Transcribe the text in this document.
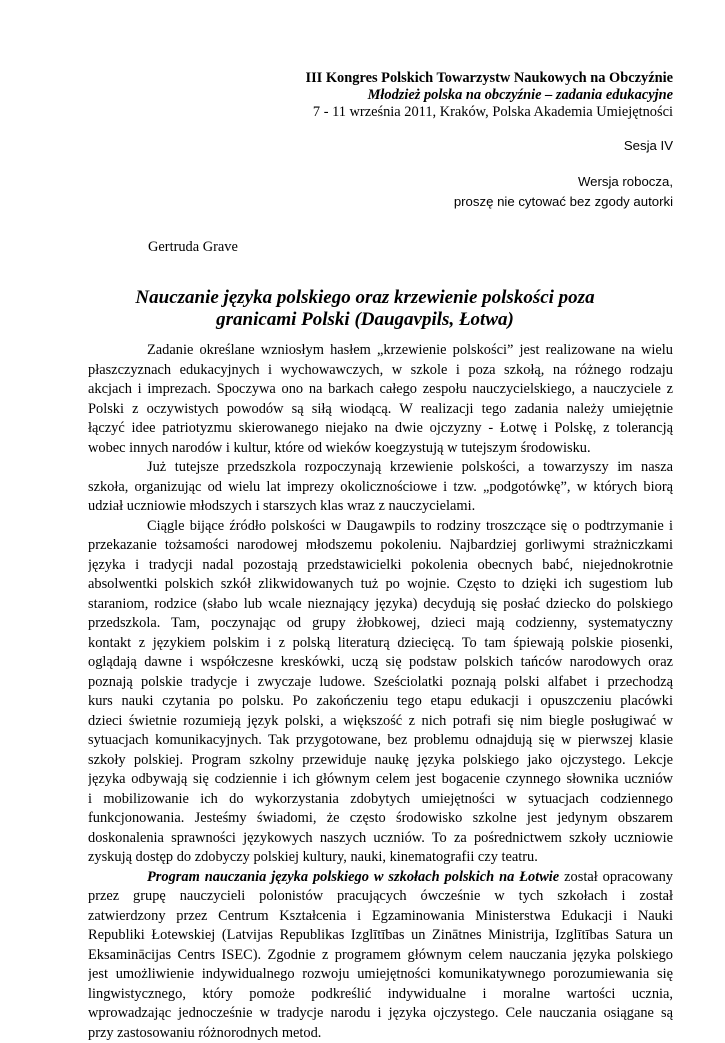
III Kongres Polskich Towarzystw Naukowych na Obczyźnie
Młodzież polska na obczyźnie – zadania edukacyjne
7 - 11 września 2011, Kraków, Polska Akademia Umiejętności
Sesja IV
Wersja robocza,
proszę nie cytować bez zgody autorki
Gertruda Grave
Nauczanie języka polskiego oraz krzewienie polskości poza
granicami Polski (Daugavpils, Łotwa)
Zadanie określane wzniosłym hasłem „krzewienie polskości” jest realizowane na wielu
płaszczyznach edukacyjnych i wychowawczych, w szkole i poza szkołą, na różnego rodzaju
akcjach i imprezach. Spoczywa ono na barkach całego zespołu nauczycielskiego, a nauczyciele z
Polski z oczywistych powodów są siłą wiodącą. W realizacji tego zadania należy umiejętnie
łączyć idee patriotyzmu skierowanego niejako na dwie ojczyzny - Łotwę i Polskę, z tolerancją
wobec innych narodów i kultur, które od wieków koegzystują w tutejszym środowisku.
Już tutejsze przedszkola rozpoczynają krzewienie polskości, a towarzyszy im nasza
szkoła, organizując od wielu lat imprezy okolicznościowe i tzw. „podgotówkę”, w których biorą
udział uczniowie młodszych i starszych klas wraz z nauczycielami.
Ciągle bijące źródło polskości w Daugawpils to rodziny troszczące się o podtrzymanie i
przekazanie tożsamości narodowej młodszemu pokoleniu. Najbardziej gorliwymi strażniczkami
języka i tradycji nadal pozostają przedstawicielki pokolenia obecnych babć, niejednokrotnie
absolwentki polskich szkół zlikwidowanych tuż po wojnie. Często to dzięki ich sugestiom lub
staraniom, rodzice (słabo lub wcale nieznający języka) decydują się posłać dziecko do polskiego
przedszkola. Tam, poczynając od grupy żłobkowej, dzieci mają codzienny, systematyczny
kontakt z językiem polskim i z polską literaturą dziecięcą. To tam śpiewają polskie piosenki,
oglądają dawne i współczesne kreskówki, uczą się podstaw polskich tańców narodowych oraz
poznają polskie tradycje i zwyczaje ludowe. Sześciolatki poznają polski alfabet i przechodzą
kurs nauki czytania po polsku. Po zakończeniu tego etapu edukacji i opuszczeniu placówki
dzieci świetnie rozumieją język polski, a większość z nich potrafi się nim biegle posługiwać w
sytuacjach komunikacyjnych. Tak przygotowane, bez problemu odnajdują się w pierwszej klasie
szkoły polskiej. Program szkolny przewiduje naukę języka polskiego jako ojczystego. Lekcje
języka odbywają się codziennie i ich głównym celem jest bogacenie czynnego słownika uczniów
i mobilizowanie ich do wykorzystania zdobytych umiejętności w sytuacjach codziennego
funkcjonowania. Jesteśmy świadomi, że często środowisko szkolne jest jedynym obszarem
doskonalenia sprawności językowych naszych uczniów. To za pośrednictwem szkoły uczniowie
zyskują dostęp do zdobyczy polskiej kultury, nauki, kinematografii czy teatru.
Program nauczania języka polskiego w szkołach polskich na Łotwie został opracowany
przez grupę nauczycieli polonistów pracujących ówcześnie w tych szkołach i został
zatwierdzony przez Centrum Kształcenia i Egzaminowania Ministerstwa Edukacji i Nauki
Republiki Łotewskiej (Latvijas Republikas Izglītības un Zinātnes Ministrija, Izglītības Satura un
Eksaminācijas Centrs ISEC). Zgodnie z programem głównym celem nauczania języka polskiego
jest umożliwienie indywidualnego rozwoju umiejętności komunikatywnego porozumiewania się
lingwistycznego, który pomoże podkreślić indywidualne i moralne wartości ucznia,
wprowadzając jednocześnie w tradycje narodu i języka ojczystego. Cele nauczania osiągane są
przy zastosowaniu różnorodnych metod.
